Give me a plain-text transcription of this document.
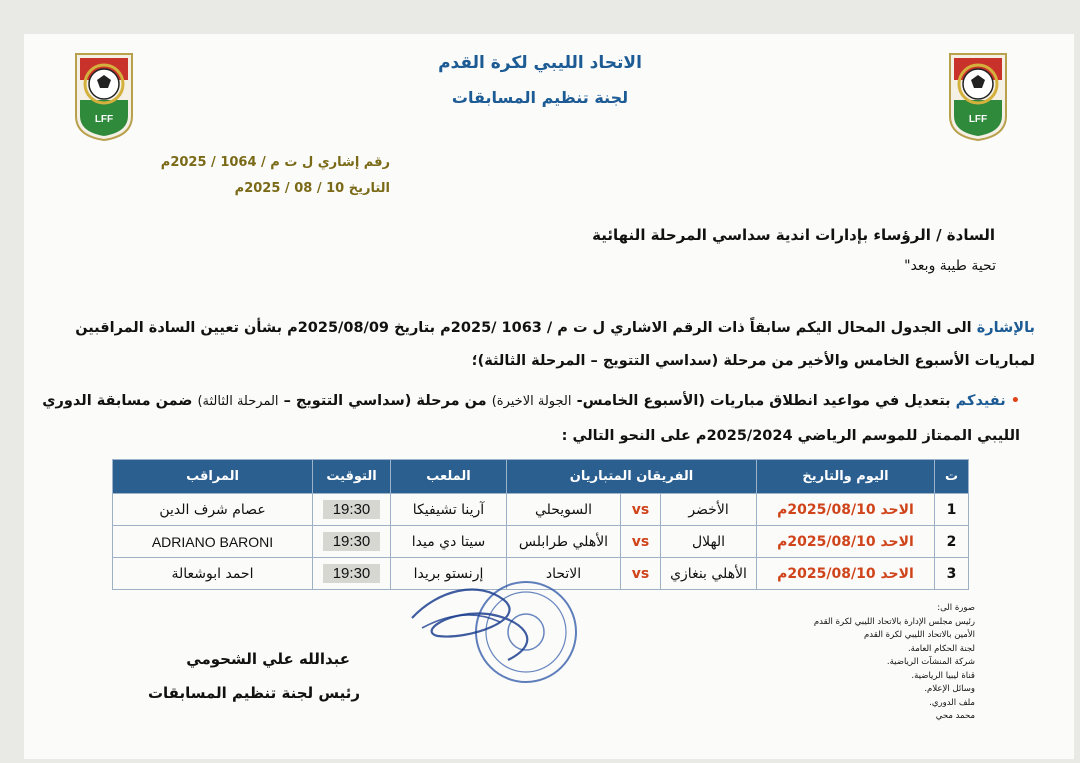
LFF	LFF
الاتحاد الليبي لكرة القدم
لجنة تنظيم المسابقات
رقم إشاري ل ت م / 1064 / 2025م
التاريخ 10 / 08 / 2025م
السادة / الرؤساء بإدارات اندية سداسي المرحلة النهائية
تحية طيبة وبعد"
بالإشارة الى الجدول المحال اليكم سابقاً ذات الرقم الاشاري ل ت م / 1063 /2025م بتاريخ 2025/08/09م بشأن تعيين السادة المراقبين لمباريات الأسبوع الخامس والأخير من مرحلة (سداسي التتويج – المرحلة الثالثة)؛
• نفيدكم بتعديل في مواعيد انطلاق مباريات (الأسبوع الخامس- الجولة الاخيرة) من مرحلة (سداسي التتويج – المرحلة الثالثة) ضمن مسابقة الدوري الليبي الممتاز للموسم الرياضي 2025/2024م على النحو التالي :
ت	اليوم والتاريخ	الفريقان المتباريان			الملعب	التوقيت	المراقب
1	الاحد 2025/08/10م	الأخضر	vs	السويحلي	آرينا تشيفيكا	19:30	عصام شرف الدين
2	الاحد 2025/08/10م	الهلال	vs	الأهلي طرابلس	سيتا دي ميدا	19:30	ADRIANO BARONI
3	الاحد 2025/08/10م	الأهلي بنغازي	vs	الاتحاد	إرنستو بريدا	19:30	احمد ابوشعالة
عبدالله علي الشحومي
رئيس لجنة تنظيم المسابقات
صورة الى:
رئيس مجلس الإدارة بالاتحاد الليبي لكرة القدم
الأمين بالاتحاد الليبي لكرة القدم
لجنة الحكام العامة.
شركة المنشآت الرياضية.
قناة ليبيا الرياضية.
وسائل الإعلام.
ملف الدوري.
محمد محي
